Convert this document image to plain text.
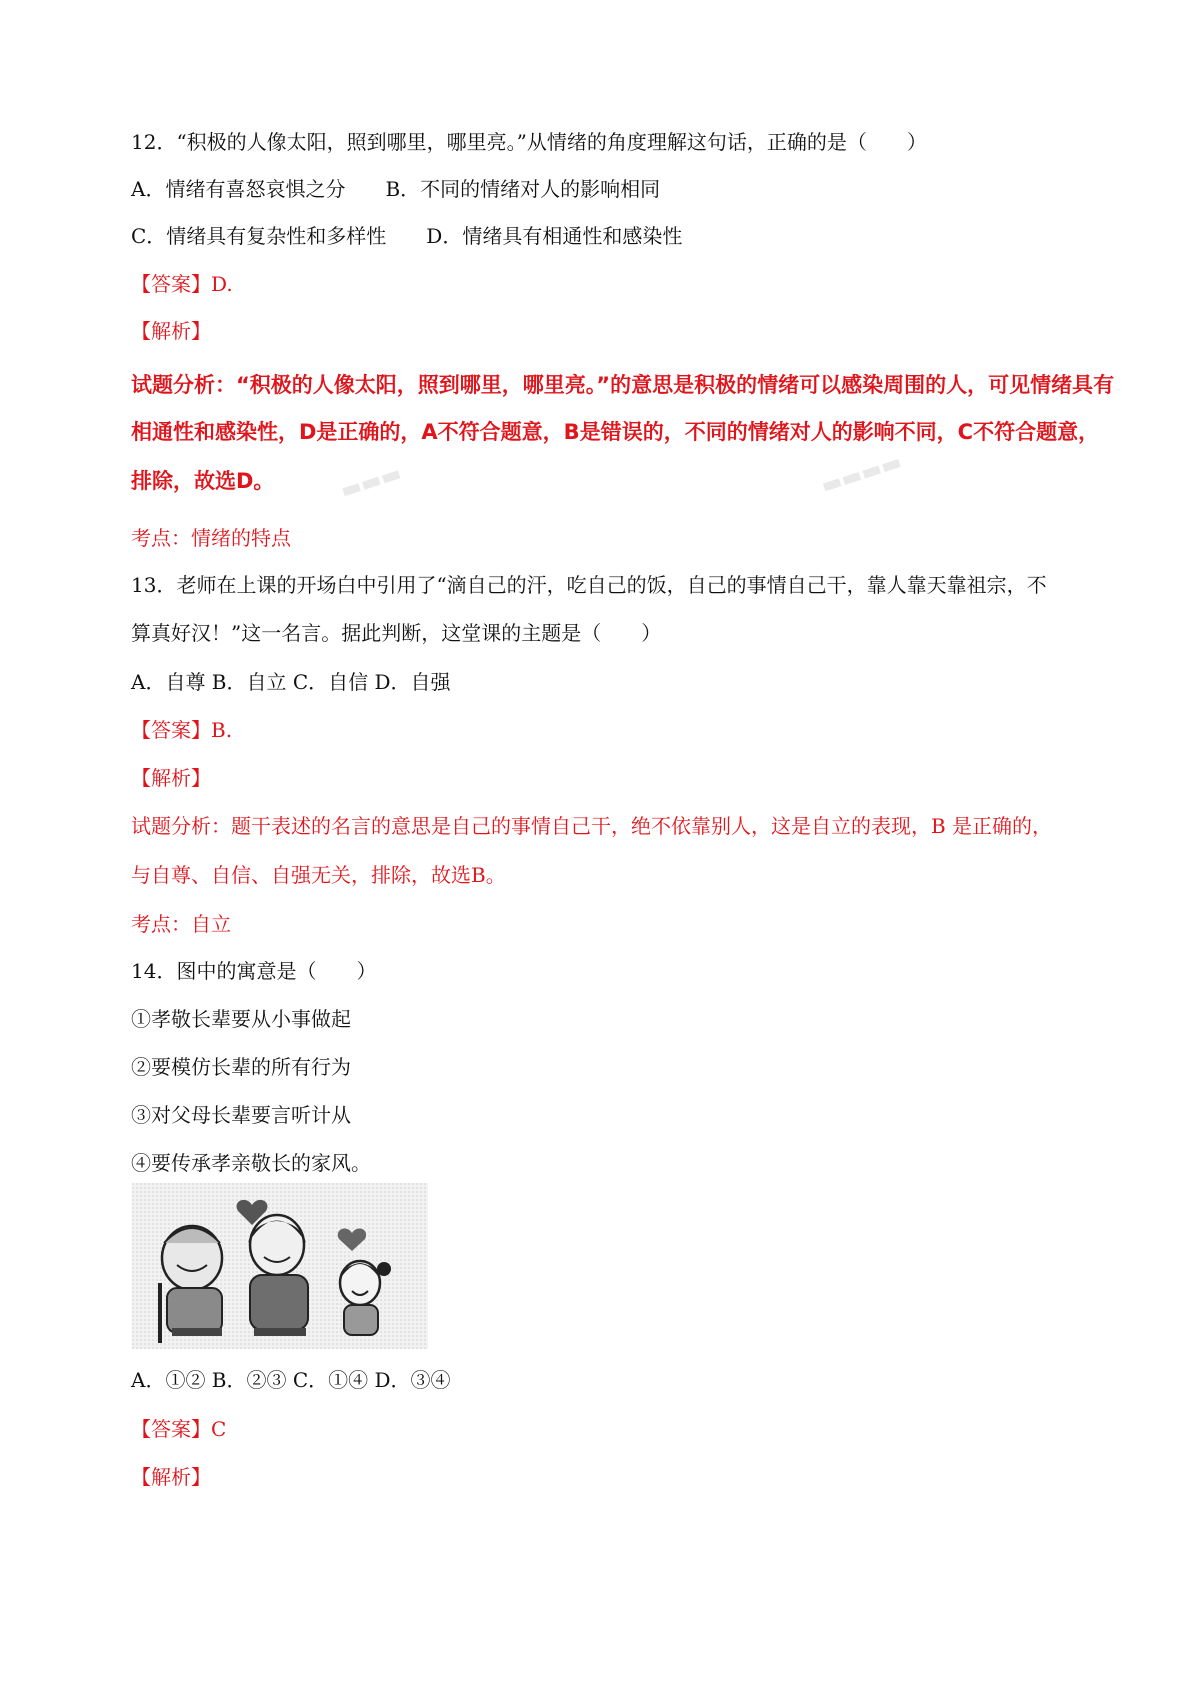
12．“积极的人像太阳，照到哪里，哪里亮。”从情绪的角度理解这句话，正确的是（　　）
A．情绪有喜怒哀惧之分　　B．不同的情绪对人的影响相同
C．情绪具有复杂性和多样性　　D．情绪具有相通性和感染性
【答案】D.
【解析】
试题分析：“积极的人像太阳，照到哪里，哪里亮。”的意思是积极的情绪可以感染周围的人，可见情绪具有
相通性和感染性，D是正确的，A不符合题意，B是错误的，不同的情绪对人的影响不同，C不符合题意，
排除，故选D。
考点：情绪的特点
▬▬▬	▬▬▬▬
13．老师在上课的开场白中引用了“滴自己的汗，吃自己的饭，自己的事情自己干，靠人靠天靠祖宗，不
算真好汉！”这一名言。据此判断，这堂课的主题是（　　）
A．自尊 B．自立 C．自信 D．自强
【答案】B.
【解析】
试题分析：题干表述的名言的意思是自己的事情自己干，绝不依靠别人，这是自立的表现，B 是正确的，
与自尊、自信、自强无关，排除，故选B。
考点：自立
14．图中的寓意是（　　）
①孝敬长辈要从小事做起
②要模仿长辈的所有行为
③对父母长辈要言听计从
④要传承孝亲敬长的家风。
A．①② B．②③ C．①④ D．③④
【答案】C
【解析】
